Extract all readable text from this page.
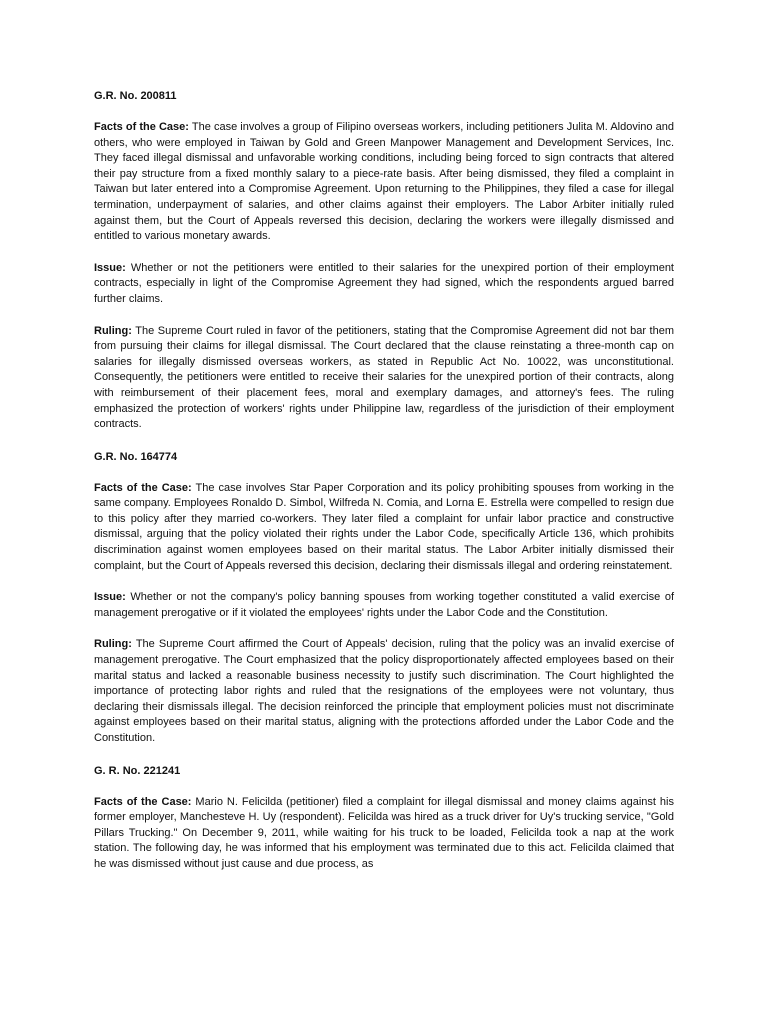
G.R. No. 200811

Facts of the Case: The case involves a group of Filipino overseas workers, including petitioners Julita M. Aldovino and others, who were employed in Taiwan by Gold and Green Manpower Management and Development Services, Inc. They faced illegal dismissal and unfavorable working conditions, including being forced to sign contracts that altered their pay structure from a fixed monthly salary to a piece-rate basis. After being dismissed, they filed a complaint in Taiwan but later entered into a Compromise Agreement. Upon returning to the Philippines, they filed a case for illegal termination, underpayment of salaries, and other claims against their employers. The Labor Arbiter initially ruled against them, but the Court of Appeals reversed this decision, declaring the workers were illegally dismissed and entitled to various monetary awards.

Issue: Whether or not the petitioners were entitled to their salaries for the unexpired portion of their employment contracts, especially in light of the Compromise Agreement they had signed, which the respondents argued barred further claims.

Ruling: The Supreme Court ruled in favor of the petitioners, stating that the Compromise Agreement did not bar them from pursuing their claims for illegal dismissal. The Court declared that the clause reinstating a three-month cap on salaries for illegally dismissed overseas workers, as stated in Republic Act No. 10022, was unconstitutional. Consequently, the petitioners were entitled to receive their salaries for the unexpired portion of their contracts, along with reimbursement of their placement fees, moral and exemplary damages, and attorney's fees. The ruling emphasized the protection of workers' rights under Philippine law, regardless of the jurisdiction of their employment contracts.

G.R. No. 164774

Facts of the Case: The case involves Star Paper Corporation and its policy prohibiting spouses from working in the same company. Employees Ronaldo D. Simbol, Wilfreda N. Comia, and Lorna E. Estrella were compelled to resign due to this policy after they married co-workers. They later filed a complaint for unfair labor practice and constructive dismissal, arguing that the policy violated their rights under the Labor Code, specifically Article 136, which prohibits discrimination against women employees based on their marital status. The Labor Arbiter initially dismissed their complaint, but the Court of Appeals reversed this decision, declaring their dismissals illegal and ordering reinstatement.

Issue: Whether or not the company's policy banning spouses from working together constituted a valid exercise of management prerogative or if it violated the employees' rights under the Labor Code and the Constitution.

Ruling: The Supreme Court affirmed the Court of Appeals' decision, ruling that the policy was an invalid exercise of management prerogative. The Court emphasized that the policy disproportionately affected employees based on their marital status and lacked a reasonable business necessity to justify such discrimination. The Court highlighted the importance of protecting labor rights and ruled that the resignations of the employees were not voluntary, thus declaring their dismissals illegal. The decision reinforced the principle that employment policies must not discriminate against employees based on their marital status, aligning with the protections afforded under the Labor Code and the Constitution.

G. R. No. 221241

Facts of the Case: Mario N. Felicilda (petitioner) filed a complaint for illegal dismissal and money claims against his former employer, Manchesteve H. Uy (respondent). Felicilda was hired as a truck driver for Uy's trucking service, "Gold Pillars Trucking." On December 9, 2011, while waiting for his truck to be loaded, Felicilda took a nap at the work station. The following day, he was informed that his employment was terminated due to this act. Felicilda claimed that he was dismissed without just cause and due process, as
